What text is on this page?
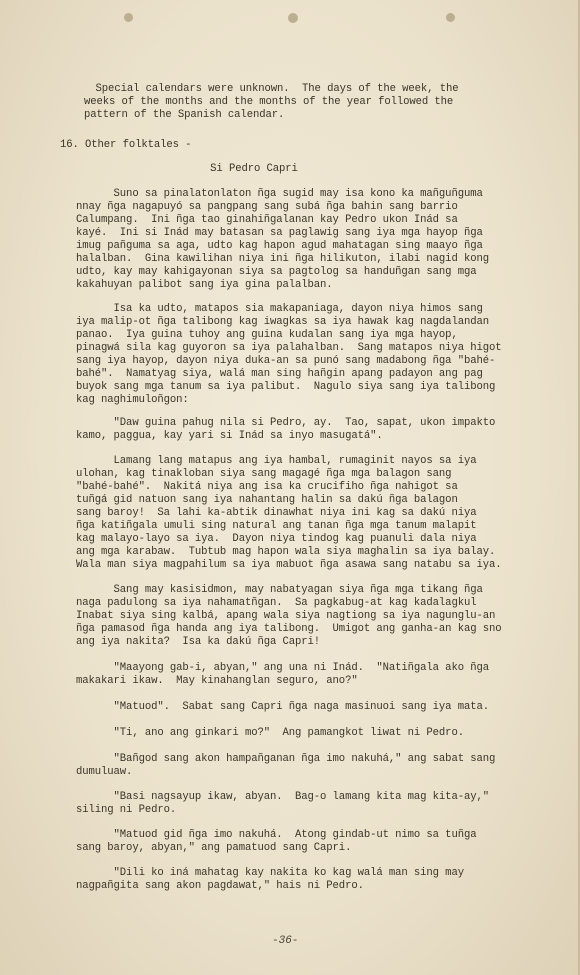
Special calendars were unknown.  The days of the week, the
weeks of the months and the months of the year followed the
pattern of the Spanish calendar.
16. Other folktales -
Si Pedro Capri
Suno sa pinalatonlaton ñga sugid may isa kono ka mañguñguma
nnay ñga nagapuyó sa pangpang sang subá ñga bahin sang barrio
Calumpang.  Ini ñga tao ginahiñgalanan kay Pedro ukon Inád sa
kayé.  Ini si Inád may batasan sa paglawig sang iya mga hayop ñga
imug pañguma sa aga, udto kag hapon agud mahatagan sing maayo ñga
halalban.  Gina kawilihan niya ini ñga hilikuton, ilabi nagid kong
udto, kay may kahigayonan siya sa pagtolog sa handuñgan sang mga
kakahuyan palibot sang iya gina palalban.
Isa ka udto, matapos sia makapaniaga, dayon niya himos sang
iya malip-ot ñga talibong kag iwagkas sa iya hawak kag nagdalandan
panao.  Iya guina tuhoy ang guina kudalan sang iya mga hayop,
pinagwá sila kag guyoron sa iya palahalban.  Sang matapos niya higot
sang iya hayop, dayon niya duka-an sa punó sang madabong ñga "bahé-
bahé".  Namatyag siya, walá man sing hañgin apang padayon ang pag
buyok sang mga tanum sa iya palibut.  Nagulo siya sang iya talibong
kag naghimuloñgon:
"Daw guina pahug nila si Pedro, ay.  Tao, sapat, ukon impakto
kamo, paggua, kay yari si Inád sa inyo masugatá".
Lamang lang matapus ang iya hambal, rumaginit nayos sa iya
ulohan, kag tinakloban siya sang magagé ñga mga balagon sang
"bahé-bahé".  Nakitá niya ang isa ka crucifiho ñga nahigot sa
tuñgá gid natuon sang iya nahantang halin sa dakú ñga balagon
sang baroy!  Sa lahi ka-abtik dinawhat niya ini kag sa dakú niya
ñga katiñgala umuli sing natural ang tanan ñga mga tanum malapit
kag malayo-layo sa iya.  Dayon niya tindog kag puanuli dala niya
ang mga karabaw.  Tubtub mag hapon wala siya maghalin sa iya balay.
Wala man siya magpahilum sa iya mabuot ñga asawa sang natabu sa iya.
Sang may kasisidmon, may nabatyagan siya ñga mga tikang ñga
naga padulong sa iya nahamatñgan.  Sa pagkabug-at kag kadalagkul
Inabat siya sing kalbá, apang wala siya nagtiong sa iya nagunglu-an
ñga pamasod ñga handa ang iya talibong.  Umigot ang ganha-an kag sno
ang iya nakita?  Isa ka dakú ñga Capri!
"Maayong gab-i, abyan," ang una ni Inád.  "Natiñgala ako ñga
makakari ikaw.  May kinahanglan seguro, ano?"
"Matuod".  Sabat sang Capri ñga naga masinuoi sang iya mata.
"Ti, ano ang ginkari mo?"  Ang pamangkot liwat ni Pedro.
"Bañgod sang akon hampañganan ñga imo nakuhá," ang sabat sang
dumuluaw.
"Basi nagsayup ikaw, abyan.  Bag-o lamang kita mag kita-ay,"
siling ni Pedro.
"Matuod gid ñga imo nakuhá.  Atong gindab-ut nimo sa tuñga
sang baroy, abyan," ang pamatuod sang Capri.
"Dili ko iná mahatag kay nakita ko kag walá man sing may
nagpañgita sang akon pagdawat," hais ni Pedro.
-36-
